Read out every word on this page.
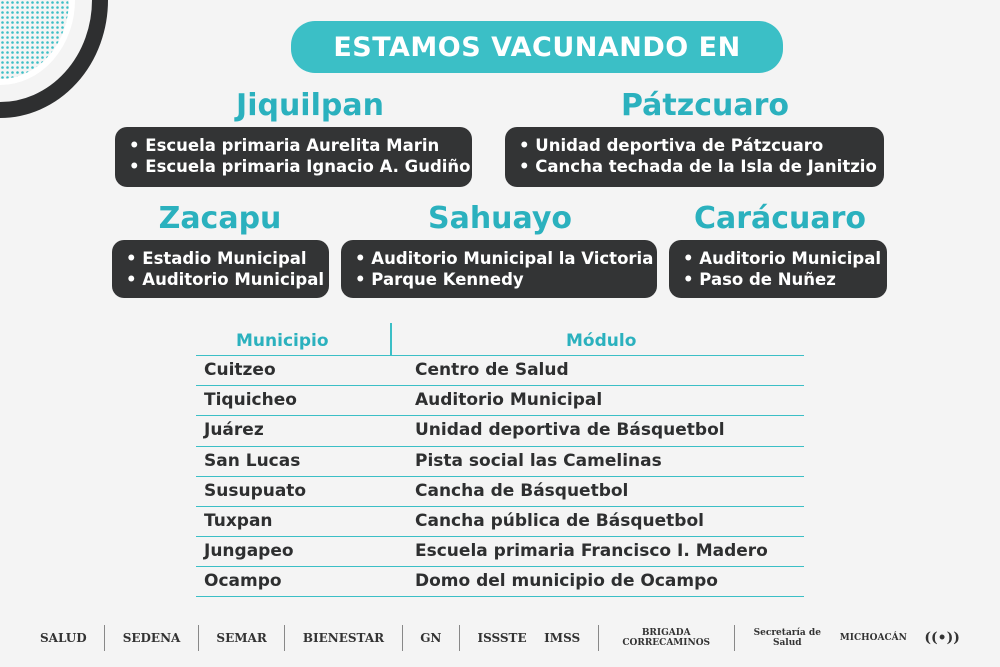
ESTAMOS VACUNANDO EN
Jiquilpan
• Escuela primaria Aurelita Marin
• Escuela primaria Ignacio A. Gudiño
Pátzcuaro
• Unidad deportiva de Pátzcuaro
• Cancha techada de la Isla de Janitzio
Zacapu
• Estadio Municipal
• Auditorio Municipal
Sahuayo
• Auditorio Municipal la Victoria
• Parque Kennedy
Carácuaro
• Auditorio Municipal
• Paso de Nuñez
Municipio	Módulo
Cuitzeo	Centro de Salud
Tiquicheo	Auditorio Municipal
Juárez	Unidad deportiva de Básquetbol
San Lucas	Pista social las Camelinas
Susupuato	Cancha de Básquetbol
Tuxpan	Cancha pública de Básquetbol
Jungapeo	Escuela primaria Francisco I. Madero
Ocampo	Domo del municipio de Ocampo
SALUD	SEDENA	SEMAR	BIENESTAR	GN	ISSSTE IMSS	BRIGADA CORRECAMINOS
Secretaría de Salud	MICHOACÁN ((•))
